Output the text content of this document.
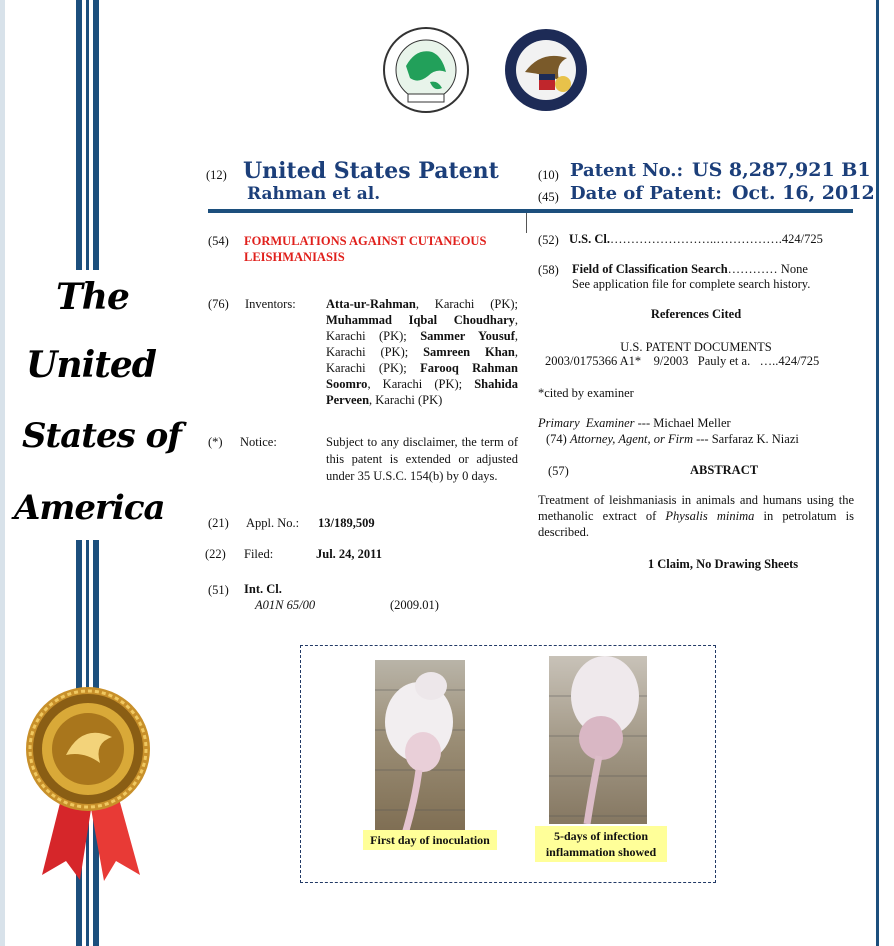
The
United
States of
America
(12) United States Patent
Rahman et al.
(10) Patent No.: US 8,287,921 B1
(45) Date of Patent: Oct. 16, 2012
(54) FORMULATIONS AGAINST CUTANEOUS
LEISHMANIASIS
(76) Inventors: Atta-ur-Rahman, Karachi (PK); Muhammad Iqbal Choudhary, Karachi (PK); Sammer Yousuf, Karachi (PK); Samreen Khan, Karachi (PK); Farooq Rahman Soomro, Karachi (PK); Shahida Perveen, Karachi (PK)
(*) Notice:	Subject to any disclaimer, the term of this patent is extended or adjusted under 35 U.S.C. 154(b) by 0 days.
(21) Appl. No.: 13/189,509
(22) Filed:	Jul. 24, 2011
(51) Int. Cl.
A01N 65/00	(2009.01)
(52) U.S. Cl.……………………..…………….424/725
(58) Field of Classification Search………… None
See application file for complete search history.
References Cited
U.S. PATENT DOCUMENTS
2003/0175366 A1*    9/2003   Pauly et a.   …..424/725
*cited by examiner
Primary  Examiner --- Michael Meller
(74) Attorney, Agent, or Firm --- Sarfaraz K. Niazi
(57)	ABSTRACT
Treatment of leishmaniasis in animals and humans using the methanolic extract of Physalis minima in petrolatum is described.
1 Claim, No Drawing Sheets
First day of inoculation	5-days of infection
inflammation showed
